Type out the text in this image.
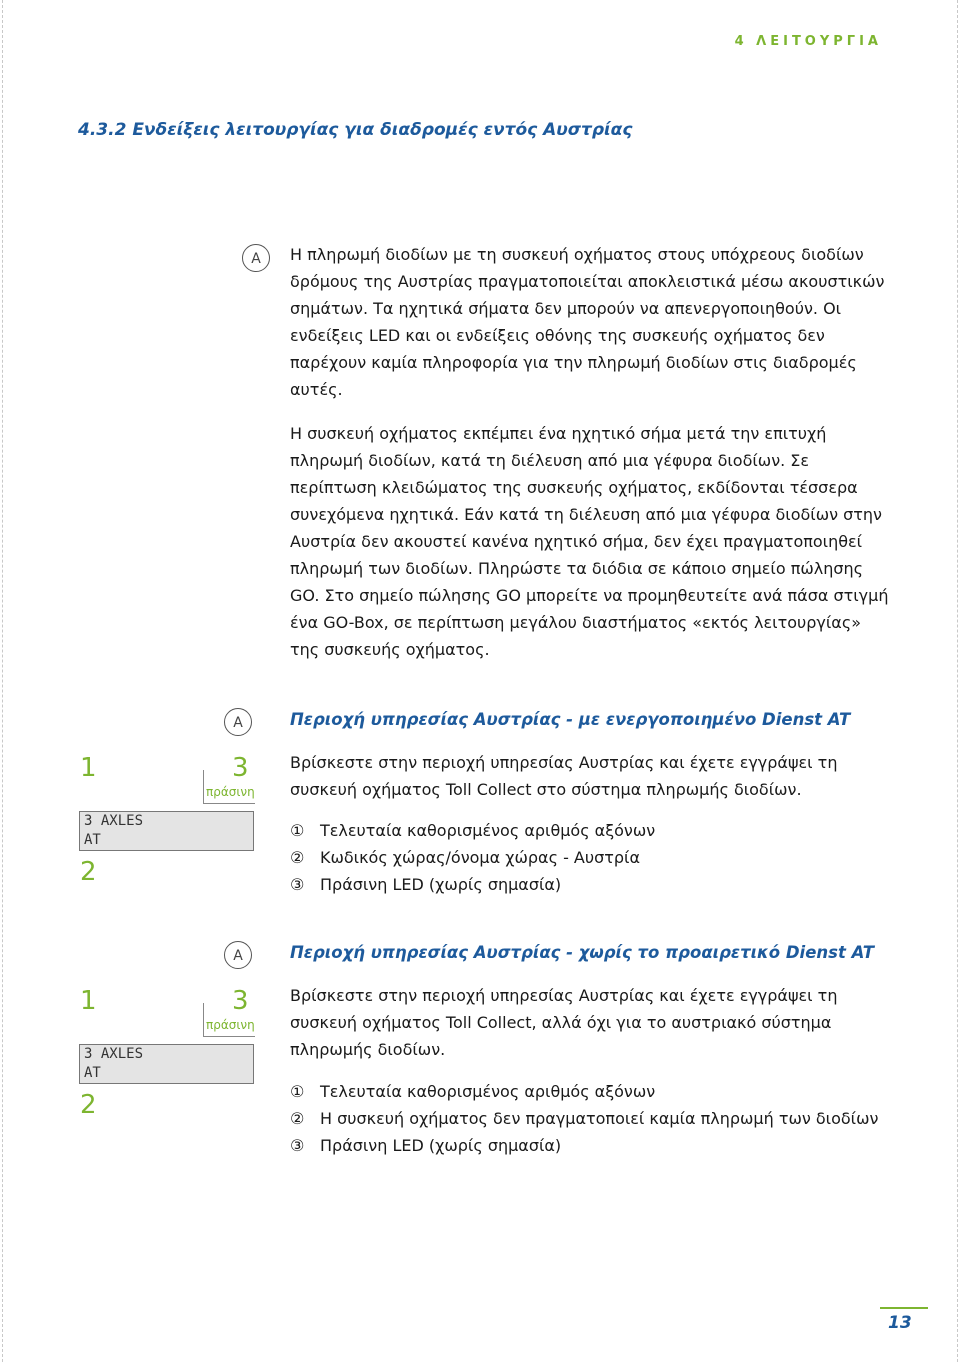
4 ΛΕΙΤΟΥΡΓΙΑ
4.3.2 Ενδείξεις λειτουργίας για διαδρομές εντός Αυστρίας
A	Η πληρωμή διοδίων με τη συσκευή οχήματος στους υπόχρεους διοδίων δρόμους της Αυστρίας πραγματοποιείται αποκλειστικά μέσω ακουστικών σημάτων. Τα ηχητικά σήματα δεν μπορούν να απενεργοποιηθούν. Οι ενδείξεις LED και οι ενδείξεις οθόνης της συσκευής οχήματος δεν παρέχουν καμία πληροφορία για την πληρωμή διοδίων στις διαδρομές αυτές.

Η συσκευή οχήματος εκπέμπει ένα ηχητικό σήμα μετά την επιτυχή πληρωμή διοδίων, κατά τη διέλευση από μια γέφυρα διοδίων. Σε περίπτωση κλειδώματος της συσκευής οχήματος, εκδίδονται τέσσερα συνεχόμενα ηχητικά. Εάν κατά τη διέλευση από μια γέφυρα διοδίων στην Αυστρία δεν ακουστεί κανένα ηχητικό σήμα, δεν έχει πραγματοποιηθεί πληρωμή των διοδίων. Πληρώστε τα διόδια σε κάποιο σημείο πώλησης GO. Στο σημείο πώλησης GO μπορείτε να προμηθευτείτε ανά πάσα στιγμή ένα GO-Box, σε περίπτωση μεγάλου διαστήματος «εκτός λειτουργίας» της συσκευής οχήματος.

A	Περιοχή υπηρεσίας Αυστρίας - με ενεργοποιημένο Dienst AT
1	3
πράσινη
3 AXLES
AT
2

Βρίσκεστε στην περιοχή υπηρεσίας Αυστρίας και έχετε εγγράψει τη συσκευή οχήματος Toll Collect στο σύστημα πληρωμής διοδίων.

① Τελευταία καθορισμένος αριθμός αξόνων
② Κωδικός χώρας/όνομα χώρας - Αυστρία
③ Πράσινη LED (χωρίς σημασία)
A	Περιοχή υπηρεσίας Αυστρίας - χωρίς το προαιρετικό Dienst AT
1	3
πράσινη
3 AXLES
AT
2

Βρίσκεστε στην περιοχή υπηρεσίας Αυστρίας και έχετε εγγράψει τη συσκευή οχήματος Toll Collect, αλλά όχι για το αυστριακό σύστημα πληρωμής διοδίων.

① Τελευταία καθορισμένος αριθμός αξόνων
② Η συσκευή οχήματος δεν πραγματοποιεί καμία πληρωμή των διοδίων
③ Πράσινη LED (χωρίς σημασία)
13
